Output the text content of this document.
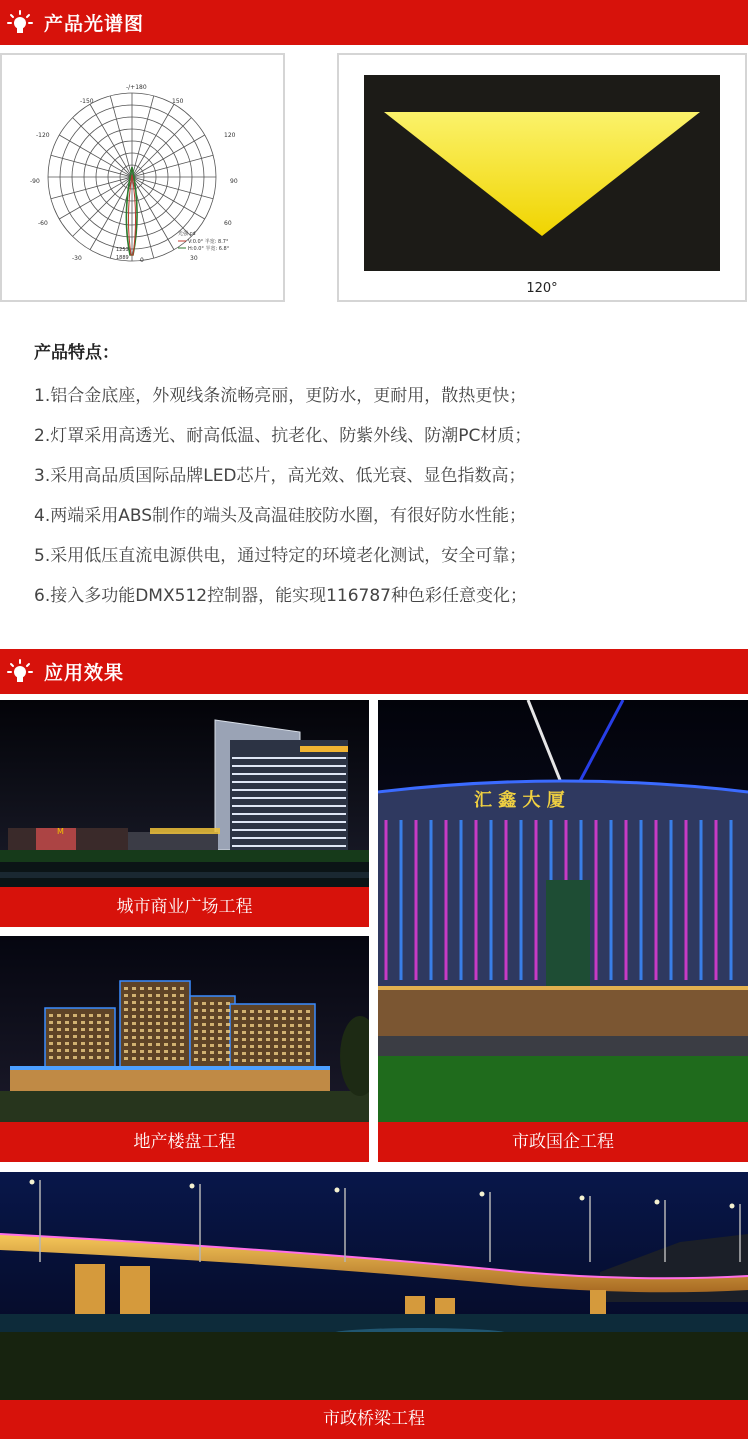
产品光谱图
-/+180
150
-150
-120	120
-90	90
-60	60
-30	30
0
1889
1253
光强 cd
V:0.0° 半宽: 8.7°
H:0.0° 半宽: 6.8°
120°
产品特点：
1.铝合金底座，外观线条流畅亮丽，更防水，更耐用，散热更快；
2.灯罩采用高透光、耐高低温、抗老化、防紫外线、防潮PC材质；
3.采用高品质国际品牌LED芯片，高光效、低光衰、显色指数高；
4.两端采用ABS制作的端头及高温硅胶防水圈，有很好防水性能；
5.采用低压直流电源供电，通过特定的环境老化测试，安全可靠；
6.接入多功能DMX512控制器，能实现116787种色彩任意变化；
应用效果
M
城市商业广场工程
地产楼盘工程
汇 鑫 大 厦
市政国企工程
市政桥梁工程
